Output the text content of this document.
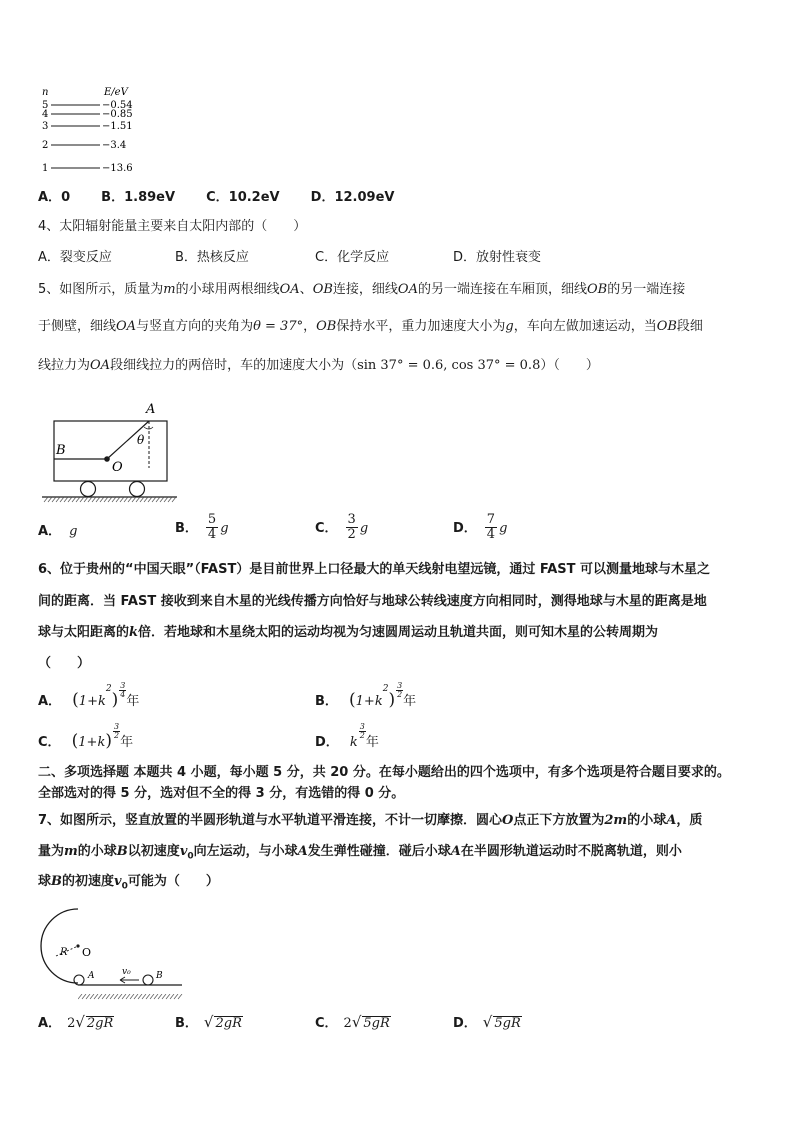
n	E/eV
5	−0.54
4	−0.85
3	−1.51
2	−3.4
1	−13.6
A．0 B．1.89eV C．10.2eV D．12.09eV
4、太阳辐射能量主要来自太阳内部的（　　）
A．裂变反应	B．热核反应	C．化学反应	D．放射性衰变
5、如图所示，质量为m的小球用两根细线OA、OB连接，细线OA的另一端连接在车厢顶，细线OB的另一端连接
于侧壁，细线OA与竖直方向的夹角为θ = 37°，OB保持水平，重力加速度大小为g，车向左做加速运动，当OB段细
线拉力为OA段细线拉力的两倍时，车的加速度大小为（sin 37° = 0.6, cos 37° = 0.8）（　　）
A
B
O
θ
A． g	B． $\frac{5}{4}$ g	C． $\frac{3}{2}$ g	D． $\frac{7}{4}$ g
6、位于贵州的“中国天眼”（FAST）是目前世界上口径最大的单天线射电望远镜，通过 FAST 可以测量地球与木星之
间的距离．当 FAST 接收到来自木星的光线传播方向恰好与地球公转线速度方向相同时，测得地球与木星的距离是地
球与太阳距离的k倍．若地球和木星绕太阳的运动均视为匀速圆周运动且轨道共面，则可知木星的公转周期为
（　　）
A． $(1+k^2) \frac{3}{4}$
年	B． $(1+k^2) \frac{3}{2}$
年
C． $(1+k) \frac{3}{2}$
年	D． k
$\frac{3}{2}$
年
二、多项选择题 本题共 4 小题，每小题 5 分，共 20 分。在每小题给出的四个选项中，有多个选项是符合题目要求的。
全部选对的得 5 分，选对但不全的得 3 分，有选错的得 0 分。
7、如图所示，竖直放置的半圆形轨道与水平轨道平滑连接，不计一切摩擦．圆心O点正下方放置为2m的小球A，质
量为m的小球B以初速度$v_0$向左运动，与小球A发生弹性碰撞．碰后小球A在半圆形轨道运动时不脱离轨道，则小
球B的初速度$v_0$可能为（　　）
R O
A	v₀	B
A． 2√ 2gR	B． √ 2gR	C． 2√ 5gR	D． √ 5gR
